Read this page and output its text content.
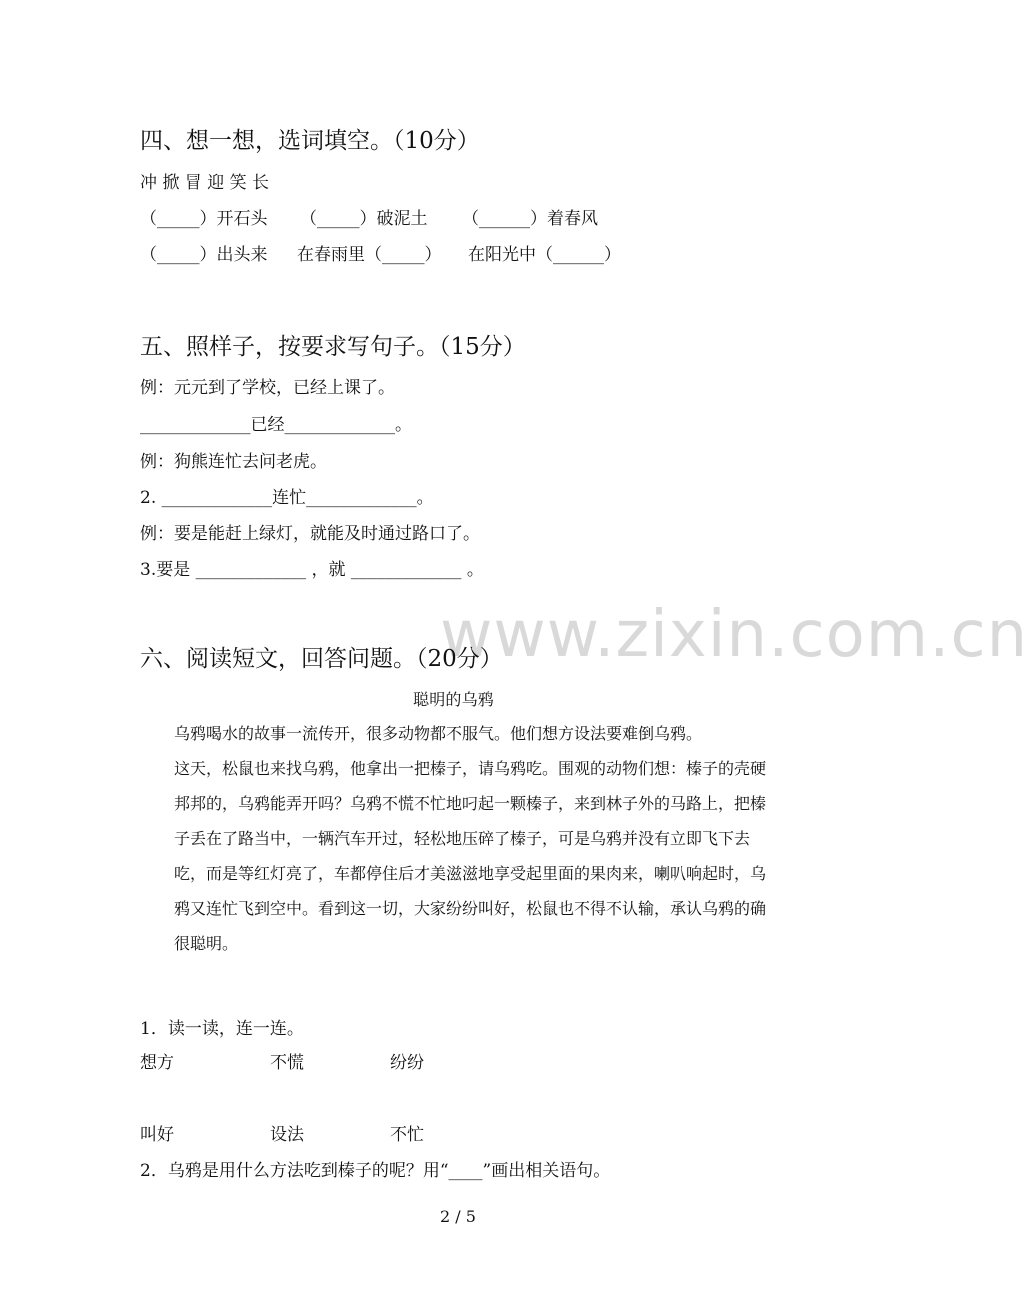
www.zixin.com.cn
四、想一想，选词填空。（10分）
冲 掀 冒 迎 笑 长
（_____）开石头 （_____）破泥土 （______）着春风
（_____）出头来 在春雨里（_____） 在阳光中（______）
五、照样子，按要求写句子。（15分）
例：元元到了学校，已经上课了。
_____________已经_____________。
例：狗熊连忙去问老虎。
2. _____________连忙_____________。
例：要是能赶上绿灯，就能及时通过路口了。
3.要是 _____________ ，就 _____________ 。
六、阅读短文，回答问题。（20分）
聪明的乌鸦

乌鸦喝水的故事一流传开，很多动物都不服气。他们想方设法要难倒乌鸦。

这天，松鼠也来找乌鸦，他拿出一把榛子，请乌鸦吃。围观的动物们想：榛子的壳硬邦邦的，乌鸦能弄开吗？乌鸦不慌不忙地叼起一颗榛子，来到林子外的马路上，把榛子丢在了路当中，一辆汽车开过，轻松地压碎了榛子，可是乌鸦并没有立即飞下去吃，而是等红灯亮了，车都停住后才美滋滋地享受起里面的果肉来，喇叭响起时，乌鸦又连忙飞到空中。看到这一切，大家纷纷叫好，松鼠也不得不认输，承认乌鸦的确很聪明。

1．读一读，连一连。
想方	不慌	纷纷
叫好	设法	不忙
2．乌鸦是用什么方法吃到榛子的呢？用“____”画出相关语句。
2 / 5
